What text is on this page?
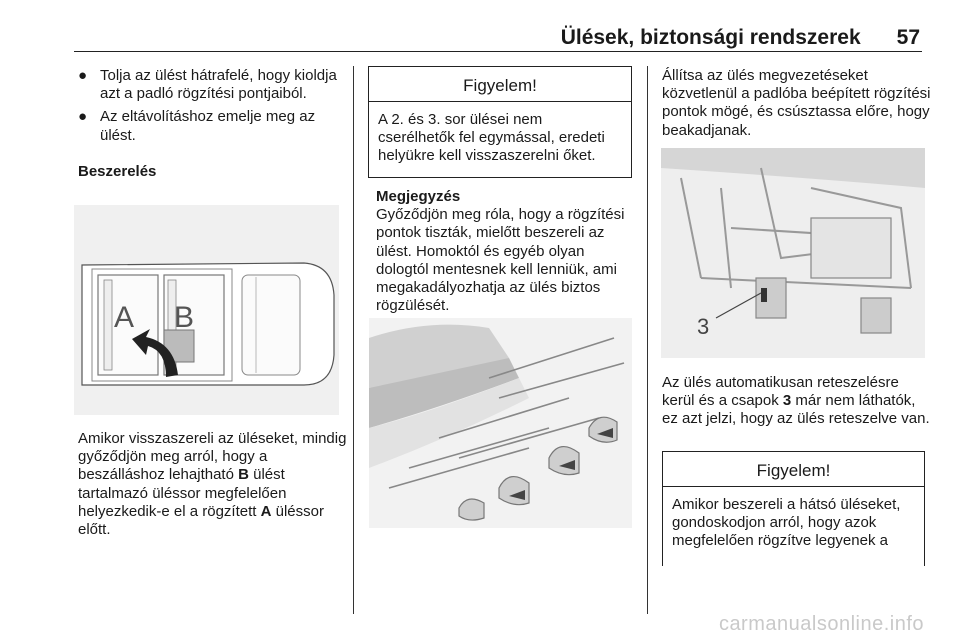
Ülések, biztonsági rendszerek 57
● Tolja az ülést hátrafelé, hogy kioldja azt a padló rögzítési pontjaiból.
● Az eltávolításhoz emelje meg az ülést.
Beszerelés
A B
Amikor visszaszereli az üléseket, mindig győződjön meg arról, hogy a beszálláshoz lehajtható B ülést tartalmazó üléssor megfelelően helyezkedik-e el a rögzített A üléssor előtt.
Figyelem!
A 2. és 3. sor ülései nem cserélhetők fel egymással, eredeti helyükre kell visszaszerelni őket.
Megjegyzés
Győződjön meg róla, hogy a rögzítési pontok tiszták, mielőtt beszereli az ülést. Homoktól és egyéb olyan dologtól mentesnek kell lenniük, ami megakadályozhatja az ülés biztos rögzülését.
Állítsa az ülés megvezetéseket közvetlenül a padlóba beépített rögzítési pontok mögé, és csúsztassa előre, hogy beakadjanak.
3
Az ülés automatikusan reteszelésre kerül és a csapok 3 már nem láthatók, ez azt jelzi, hogy az ülés reteszelve van.
Figyelem!
Amikor beszereli a hátsó üléseket, gondoskodjon arról, hogy azok megfelelően rögzítve legyenek a
carmanualsonline.info
